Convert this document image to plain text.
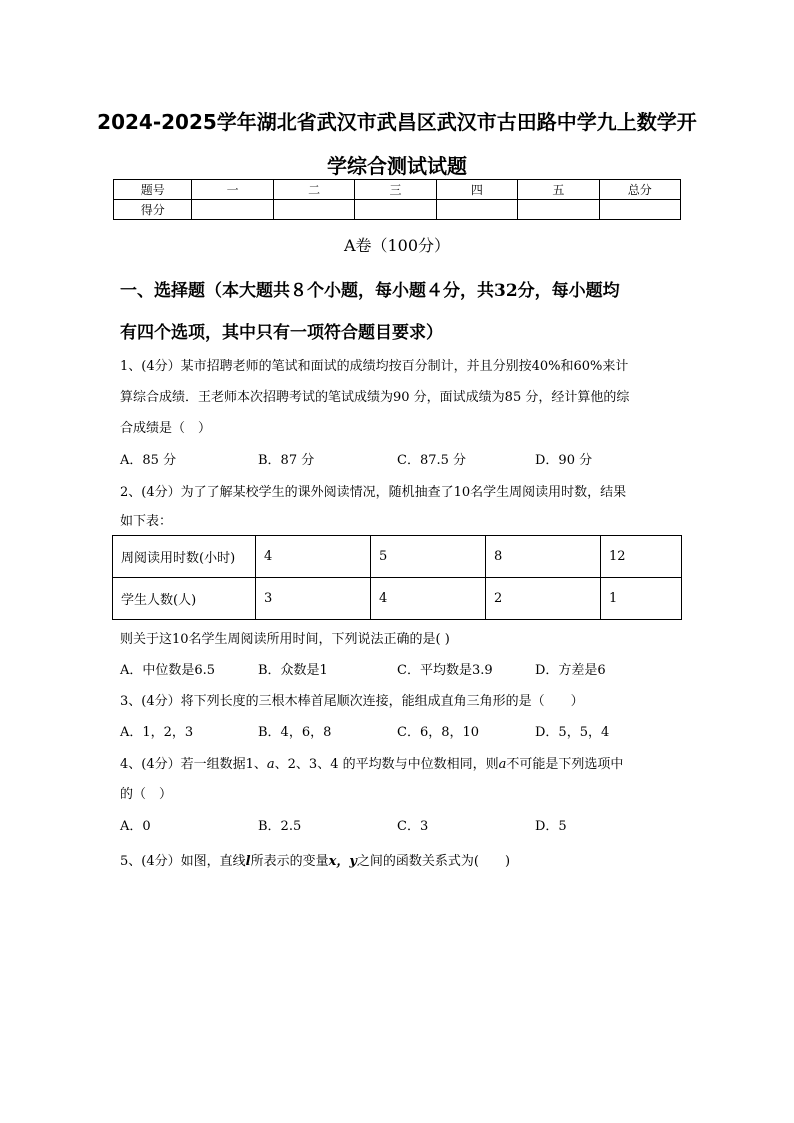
2024-2025学年湖北省武汉市武昌区武汉市古田路中学九上数学开
学综合测试试题
题号	一	二	三	四	五	总分
得分						
A卷（100分）
一、选择题（本大题共８个小题，每小题４分，共32分，每小题均
有四个选项，其中只有一项符合题目要求）
1、(4分）某市招聘老师的笔试和面试的成绩均按百分制计，并且分别按40%和60%来计
算综合成绩．王老师本次招聘考试的笔试成绩为90 分，面试成绩为85 分，经计算他的综
合成绩是（　）
A．85 分	B．87 分	C．87.5 分	D．90 分
2、(4分）为了了解某校学生的课外阅读情况，随机抽查了10名学生周阅读用时数，结果
如下表：
周阅读用时数(小时)	4	5	8	12
学生人数(人)	3	4	2	1
则关于这10名学生周阅读所用时间，下列说法正确的是( )
A．中位数是6.5	B．众数是1	C．平均数是3.9	D．方差是6
3、(4分）将下列长度的三根木棒首尾顺次连接，能组成直角三角形的是（　　）
A．1，2，3	B．4，6，8	C．6，8，10	D．5，5，4
4、(4分）若一组数据1、a、2、3、4 的平均数与中位数相同，则a不可能是下列选项中
的（　）
A．0	B．2.5	C．3	D．5
5、(4分）如图，直线l所表示的变量x，y之间的函数关系式为(　　)
